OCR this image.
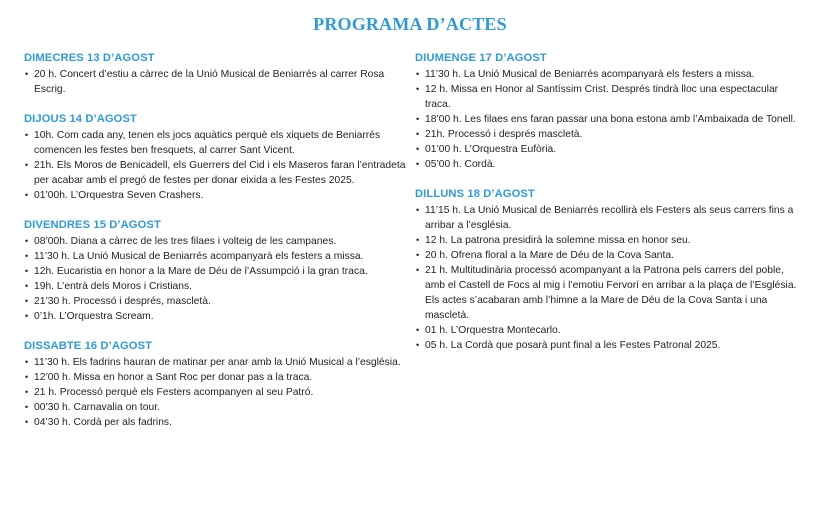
PROGRAMA D’ACTES
DIMECRES 13 D’AGOST
• 20 h. Concert d’estiu a càrrec de la Unió Musical de Beniarrés al carrer Rosa Escrig.
DIJOUS 14 D’AGOST
• 10h. Com cada any, tenen els jocs aquàtics perquè els xiquets de Beniarrés comencen les festes ben fresquets, al carrer Sant Vicent.
• 21h. Els Moros de Benicadell, els Guerrers del Cid i els Maseros faran l’entradeta per acabar amb el pregó de festes per donar eixida a les Festes 2025.
• 01’00h. L’Orquestra Seven Crashers.
DIVENDRES 15 D’AGOST
• 08’00h. Diana a càrrec de les tres filaes i volteig de les campanes.
• 11’30 h. La Unió Musical de Beniarrés acompanyarà els festers a missa.
• 12h. Eucaristia en honor a la Mare de Déu de l’Assumpció i la gran traca.
• 19h. L’entrà dels Moros i Cristians.
• 21’30 h. Processó i després, mascletà.
• 0’1h. L’Orquestra Scream.
DISSABTE 16 D’AGOST
• 11’30 h. Els fadrins hauran de matinar per anar amb la Unió Musical a l’església.
• 12’00 h. Missa en honor a Sant Roc per donar pas a la traca.
• 21 h. Processó perquè els Festers acompanyen al seu Patró.
• 00’30 h. Carnavalia on tour.
• 04’30 h. Cordà per als fadrins.
DIUMENGE 17 D’AGOST
• 11’30 h. La Unió Musical de Beniarrés acompanyarà els festers a missa.
• 12 h. Missa en Honor al Santíssim Crist. Després tindrà lloc una espectacular traca.
• 18’00 h. Les filaes ens faran passar una bona estona amb l’Ambaixada de Tonell.
• 21h. Processó i després mascletà.
• 01’00 h. L’Orquestra Eufòria.
• 05’00 h. Cordà.
DILLUNS 18 D’AGOST
• 11’15 h. La Unió Musical de Beniarrés recollirà els Festers als seus carrers fins a arribar a l’església.
• 12 h. La patrona presidirà la solemne missa en honor seu.
• 20 h. Ofrena floral a la Mare de Déu de la Cova Santa.
• 21 h. Multitudinària processó acompanyant a la Patrona pels carrers del poble, amb el Castell de Focs al mig i l’emotiu Fervorí en arribar a la plaça de l’Església. Els actes s’acabaran amb l’himne a la Mare de Déu de la Cova Santa i una mascletà.
• 01 h. L’Orquestra Montecarlo.
• 05 h. La Cordà que posarà punt final a les Festes Patronal 2025.
